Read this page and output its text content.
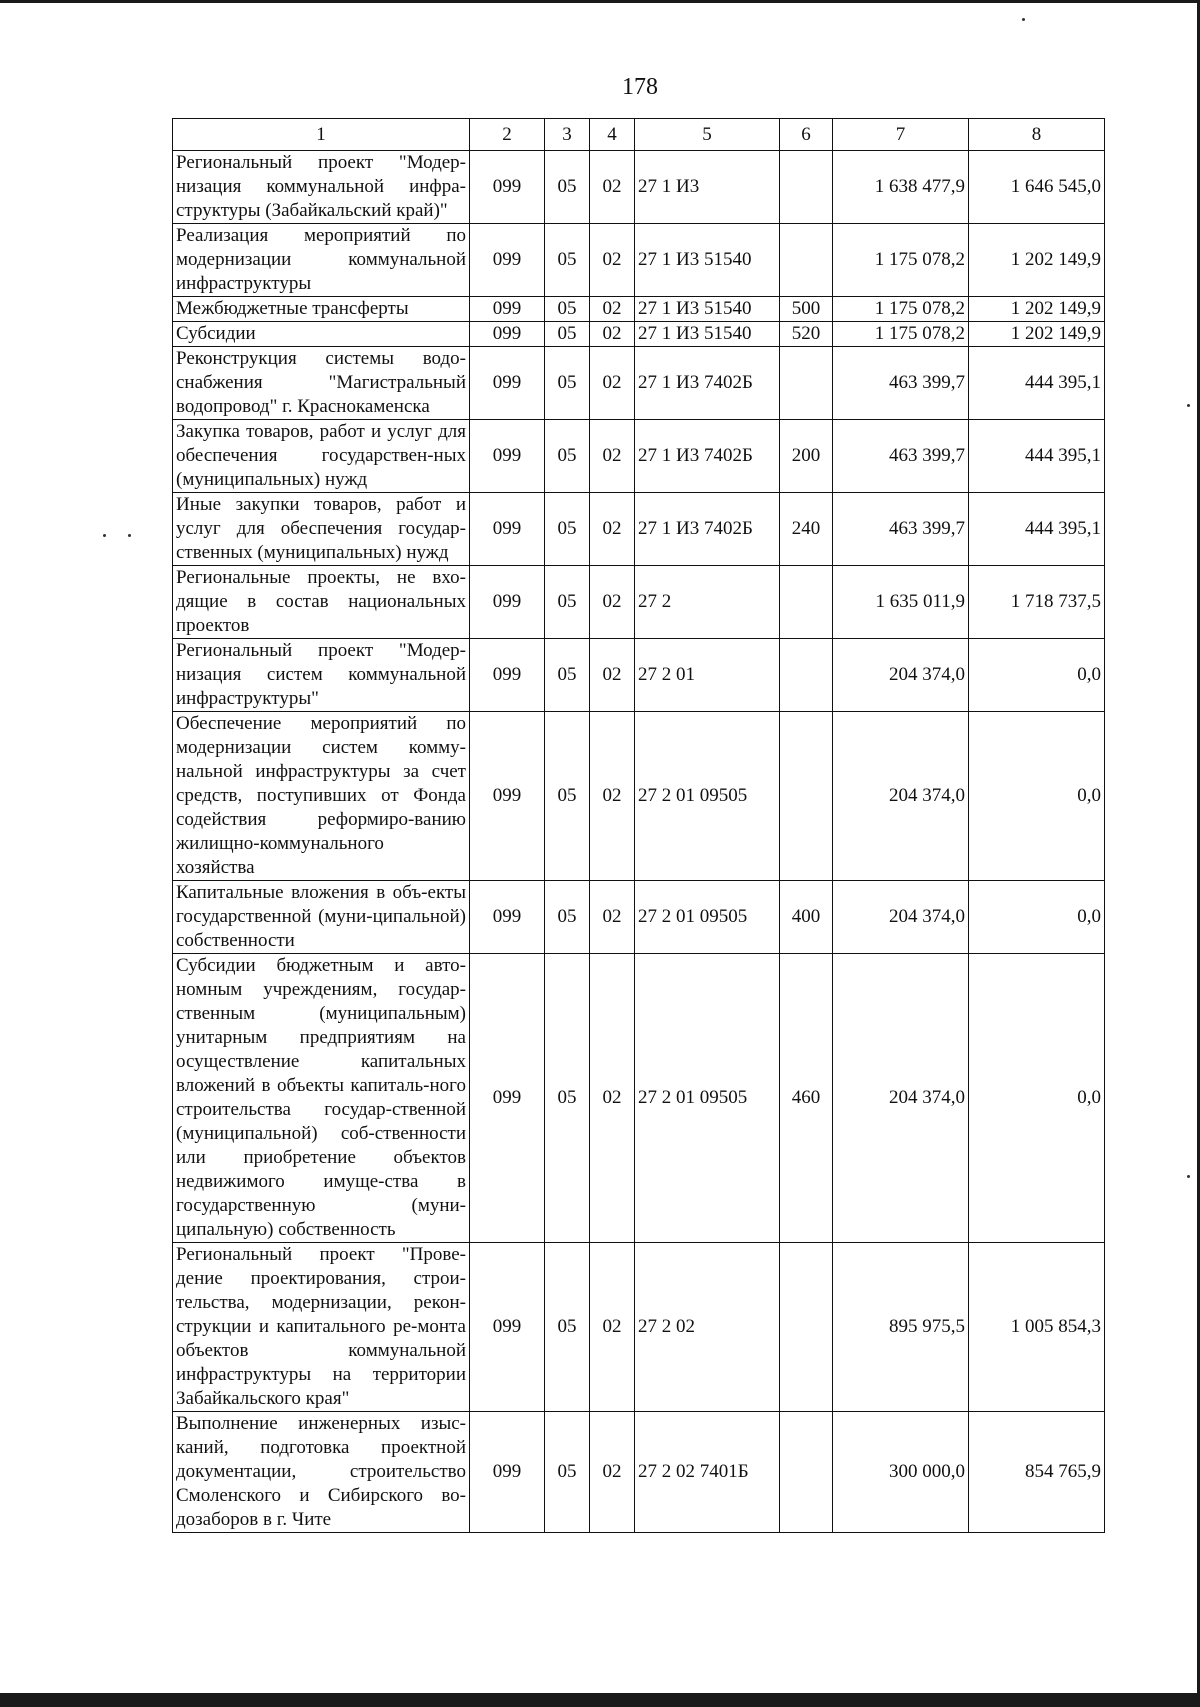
178
1	2	3	4	5	6	7	8
Региональный проект "Модер-низация коммунальной инфра-структуры (Забайкальский край)"	099	05	02	27 1 И3		1 638 477,9	1 646 545,0
Реализация мероприятий по модернизации коммунальной инфраструктуры	099	05	02	27 1 И3 51540		1 175 078,2	1 202 149,9
Межбюджетные трансферты	099	05	02	27 1 И3 51540	500	1 175 078,2	1 202 149,9
Субсидии	099	05	02	27 1 И3 51540	520	1 175 078,2	1 202 149,9
Реконструкция системы водо-снабжения "Магистральный водопровод" г. Краснокаменска	099	05	02	27 1 И3 7402Б		463 399,7	444 395,1
Закупка товаров, работ и услуг для обеспечения государствен-ных (муниципальных) нужд	099	05	02	27 1 И3 7402Б	200	463 399,7	444 395,1
Иные закупки товаров, работ и услуг для обеспечения государ-ственных (муниципальных) нужд	099	05	02	27 1 И3 7402Б	240	463 399,7	444 395,1
Региональные проекты, не вхо-дящие в состав национальных проектов	099	05	02	27 2		1 635 011,9	1 718 737,5
Региональный проект "Модер-низация систем коммунальной инфраструктуры"	099	05	02	27 2 01		204 374,0	0,0
Обеспечение мероприятий по модернизации систем комму-нальной инфраструктуры за счет средств, поступивших от Фонда содействия реформиро-ванию жилищно-коммунального хозяйства	099	05	02	27 2 01 09505		204 374,0	0,0
Капитальные вложения в объ-екты государственной (муни-ципальной) собственности	099	05	02	27 2 01 09505	400	204 374,0	0,0
Субсидии бюджетным и авто-номным учреждениям, государ-ственным (муниципальным) унитарным предприятиям на осуществление капитальных вложений в объекты капиталь-ного строительства государ-ственной (муниципальной) соб-ственности или приобретение объектов недвижимого имуще-ства в государственную (муни-ципальную) собственность	099	05	02	27 2 01 09505	460	204 374,0	0,0
Региональный проект "Прове-дение проектирования, строи-тельства, модернизации, рекон-струкции и капитального ре-монта объектов коммунальной инфраструктуры на территории Забайкальского края"	099	05	02	27 2 02		895 975,5	1 005 854,3
Выполнение инженерных изыс-каний, подготовка проектной документации, строительство Смоленского и Сибирского во-дозаборов в г. Чите	099	05	02	27 2 02 7401Б		300 000,0	854 765,9
